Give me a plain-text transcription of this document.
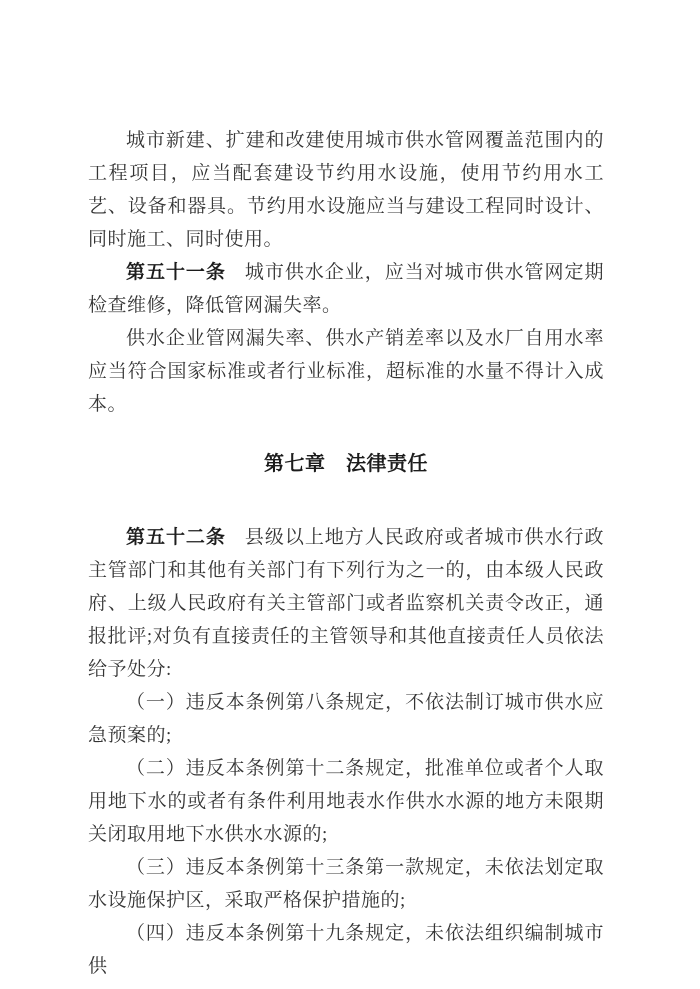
城市新建、扩建和改建使用城市供水管网覆盖范围内的工程项目，应当配套建设节约用水设施，使用节约用水工艺、设备和器具。节约用水设施应当与建设工程同时设计、同时施工、同时使用。

第五十一条 城市供水企业，应当对城市供水管网定期检查维修，降低管网漏失率。

供水企业管网漏失率、供水产销差率以及水厂自用水率应当符合国家标准或者行业标准，超标准的水量不得计入成本。

第七章　法律责任

第五十二条 县级以上地方人民政府或者城市供水行政主管部门和其他有关部门有下列行为之一的，由本级人民政府、上级人民政府有关主管部门或者监察机关责令改正，通报批评;对负有直接责任的主管领导和其他直接责任人员依法给予处分:

（一）违反本条例第八条规定，不依法制订城市供水应急预案的;

（二）违反本条例第十二条规定，批准单位或者个人取用地下水的或者有条件利用地表水作供水水源的地方未限期关闭取用地下水供水水源的;

（三）违反本条例第十三条第一款规定，未依法划定取水设施保护区，采取严格保护措施的;

（四）违反本条例第十九条规定，未依法组织编制城市供
